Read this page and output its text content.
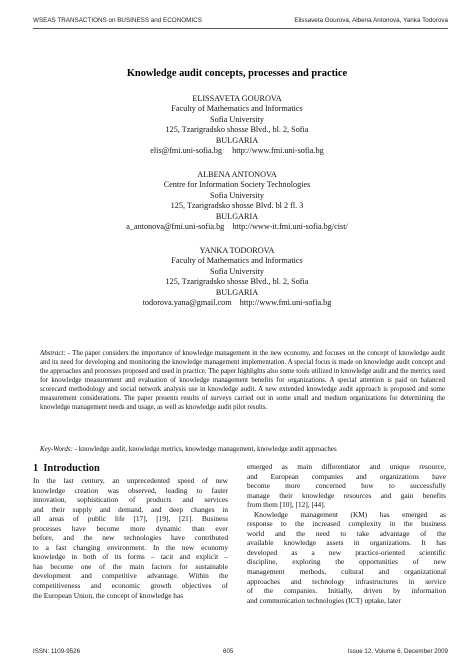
WSEAS TRANSACTIONS on BUSINESS and ECONOMICS	Elissaveta Gourova, Albena Antonova, Yanka Todorova
Knowledge audit concepts, processes and practice
ELISSAVETA GOUROVA
Faculty of Mathematics and Informatics
Sofia University
125, Tzarigradsko shosse Blvd., bl. 2, Sofia
BULGARIA
elis@fmi.uni-sofia.bg     http://www.fmi.uni-sofia.bg
ALBENA ANTONOVA
Centre for Information Society Technologies
Sofia University
125, Tzarigradsko shosse Blvd. bl 2 fl. 3
BULGARIA
a_antonova@fmi.uni-sofia.bg    http://www-it.fmi.uni-sofia.bg/cist/
YANKA TODOROVA
Faculty of Mathematics and Informatics
Sofia University
125, Tzarigradsko shosse Blvd., bl. 2, Sofia
BULGARIA
todorova.yana@gmail.com    http://www.fmi.uni-sofia.bg
Abstract: - The paper considers the importance of knowledge management in the new economy, and focuses on the concept of knowledge audit and its need for developing and monitoring the knowledge management implementation. A special focus is made on knowledge audit concept and the approaches and processes proposed and used in practice. The paper highlights also some tools utilized in knowledge audit and the metrics used for knowledge measurement and evaluation of knowledge management benefits for organizations. A special attention is paid on balanced scorecard methodology and social network analysis use in knowledge audit. A new extended knowledge audit approach is proposed and some measurement considerations. The paper presents results of surveys carried out in some small and medium organizations for determining the knowledge management needs and usage, as well as knowledge audit pilot results.
Key-Words: - knowledge audit, knowledge metrics, knowledge management, knowledge audit approaches
1  Introduction
In the last century, an unprecedented speed of new
knowledge creation was observed, leading to faster
innovation, sophistication of products and services
and their supply and demand, and deep changes in
all areas of public life [17], [19], [21]. Business
processes have become more dynamic than ever
before, and the new technologies have contributed
to a fast changing environment. In the new economy
knowledge in both of its forms – tacit and explicit –
has become one of the main factors for sustainable
development and competitive advantage. Within the
competitiveness and economic growth objectives of
the European Union, the concept of knowledge has
emerged as main differentiator and unique resource,
and European companies and organizations have
become more concerned how to successfully
manage their knowledge resources and gain benefits
from them [10], [12], [44].
Knowledge management (KM) has emerged as
response to the increased complexity in the business
world and the need to take advantage of the
available knowledge assets in organizations. It has
developed as a new practice-oriented scientific
discipline, exploring the opportunities of new
management methods, cultural and organizational
approaches and technology infrastructures in service
of the companies. Initially, driven by information
and communication technologies (ICT) uptake, later
ISSN: 1109-9526	605	Issue 12, Volume 6, December 2009
